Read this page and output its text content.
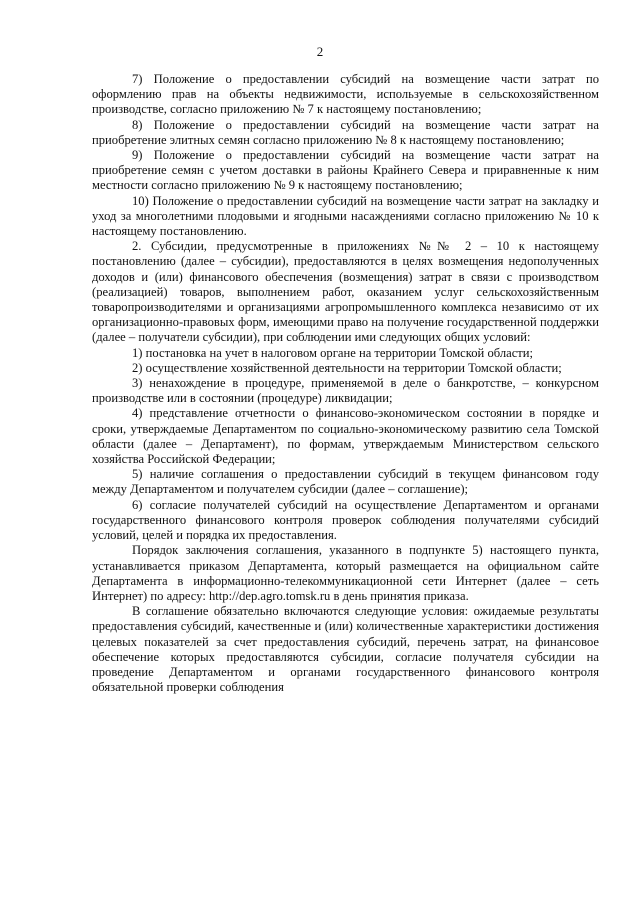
2

7) Положение о предоставлении субсидий на возмещение части затрат по оформлению прав на объекты недвижимости, используемые в сельскохозяйственном производстве, согласно приложению № 7 к настоящему постановлению;

8) Положение о предоставлении субсидий на возмещение части затрат на приобретение элитных семян согласно приложению № 8 к настоящему постановлению;

9) Положение о предоставлении субсидий на возмещение части затрат на приобретение семян с учетом доставки в районы Крайнего Севера и приравненные к ним местности согласно приложению № 9 к настоящему постановлению;

10) Положение о предоставлении субсидий на возмещение части затрат на закладку и уход за многолетними плодовыми и ягодными насаждениями согласно приложению № 10 к настоящему постановлению.

2. Субсидии, предусмотренные в приложениях №№ 2 – 10 к настоящему постановлению (далее – субсидии), предоставляются в целях возмещения недополученных доходов и (или) финансового обеспечения (возмещения) затрат в связи с производством (реализацией) товаров, выполнением работ, оказанием услуг сельскохозяйственным товаропроизводителями и организациями агропромышленного комплекса независимо от их организационно-правовых форм, имеющими право на получение государственной поддержки (далее – получатели субсидии), при соблюдении ими следующих общих условий:

1) постановка на учет в налоговом органе на территории Томской области;

2) осуществление хозяйственной деятельности на территории Томской области;

3) ненахождение в процедуре, применяемой в деле о банкротстве, – конкурсном производстве или в состоянии (процедуре) ликвидации;

4) представление отчетности о финансово-экономическом состоянии в порядке и сроки, утверждаемые Департаментом по социально-экономическому развитию села Томской области (далее – Департамент), по формам, утверждаемым Министерством сельского хозяйства Российской Федерации;

5) наличие соглашения о предоставлении субсидий в текущем финансовом году между Департаментом и получателем субсидии (далее – соглашение);

6) согласие получателей субсидий на осуществление Департаментом и органами государственного финансового контроля проверок соблюдения получателями субсидий условий, целей и порядка их предоставления.

Порядок заключения соглашения, указанного в подпункте 5) настоящего пункта, устанавливается приказом Департамента, который размещается на официальном сайте Департамента в информационно-телекоммуникационной сети Интернет (далее – сеть Интернет) по адресу: http://dep.agro.tomsk.ru в день принятия приказа.

В соглашение обязательно включаются следующие условия: ожидаемые результаты предоставления субсидий, качественные и (или) количественные характеристики достижения целевых показателей за счет предоставления субсидий, перечень затрат, на финансовое обеспечение которых предоставляются субсидии, согласие получателя субсидии на проведение Департаментом и органами государственного финансового контроля обязательной проверки соблюдения
